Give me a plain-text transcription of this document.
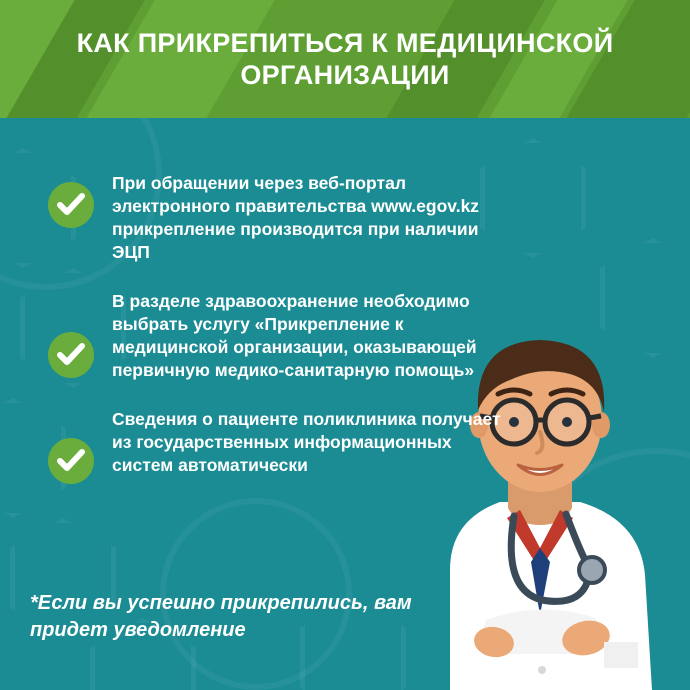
КАК ПРИКРЕПИТЬСЯ К МЕДИЦИНСКОЙ ОРГАНИЗАЦИИ
При обращении через веб-портал электронного правительства www.egov.kz прикрепление производится при наличии ЭЦП
В разделе здравоохранение необходимо выбрать услугу «Прикрепление к медицинской организации, оказывающей первичную медико-санитарную помощь»
Сведения о пациенте поликлиника получает из государственных информационных систем автоматически
*Если вы успешно прикрепились, вам придет уведомление
